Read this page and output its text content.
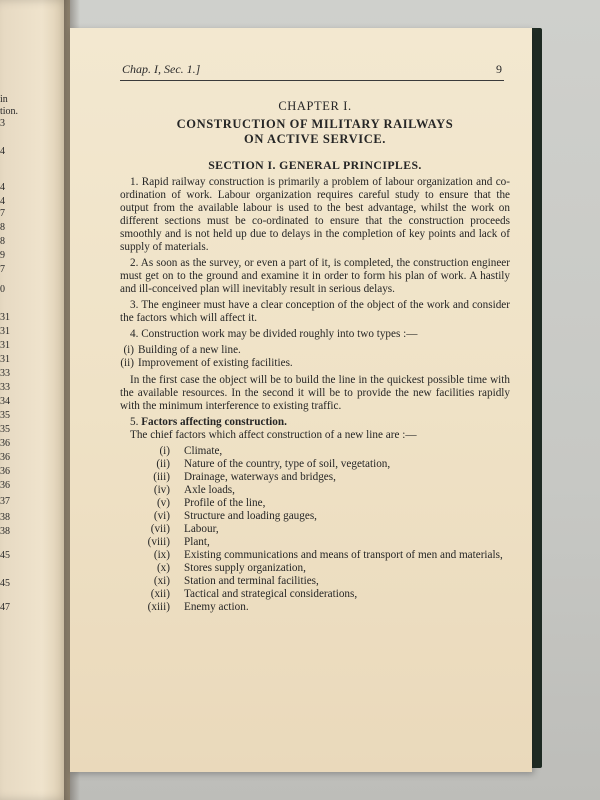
in
tion.
3
4
4
4
7
8
8
9
7
0
31
31
31
31
33
33
34
35
35
36
36
36
36
37
38
38
45
45
47
Chap. I, Sec. 1.]	9
CHAPTER I.
CONSTRUCTION OF MILITARY RAILWAYS
ON ACTIVE SERVICE.
SECTION I. GENERAL PRINCIPLES.

1. Rapid railway construction is primarily a problem of labour organization and co-ordination of work. Labour organization requires careful study to ensure that the output from the available labour is used to the best advantage, whilst the work on different sections must be co-ordinated to ensure that the construction proceeds smoothly and is not held up due to delays in the completion of key points and lack of supply of materials.

2. As soon as the survey, or even a part of it, is completed, the construction engineer must get on to the ground and examine it in order to form his plan of work. A hastily and ill-conceived plan will inevitably result in serious delays.

3. The engineer must have a clear conception of the object of the work and consider the factors which will affect it.

4. Construction work may be divided roughly into two types :—

(i) Building of a new line.
(ii) Improvement of existing facilities.

In the first case the object will be to build the line in the quickest possible time with the available resources. In the second it will be to provide the new facilities rapidly with the minimum interference to existing traffic.

5. Factors affecting construction.

The chief factors which affect construction of a new line are :—

(i) Climate,
(ii) Nature of the country, type of soil, vegetation,
(iii) Drainage, waterways and bridges,
(iv) Axle loads,
(v) Profile of the line,
(vi) Structure and loading gauges,
(vii) Labour,
(viii) Plant,
(ix) Existing communications and means of transport of men and materials,
(x) Stores supply organization,
(xi) Station and terminal facilities,
(xii) Tactical and strategical considerations,
(xiii) Enemy action.
